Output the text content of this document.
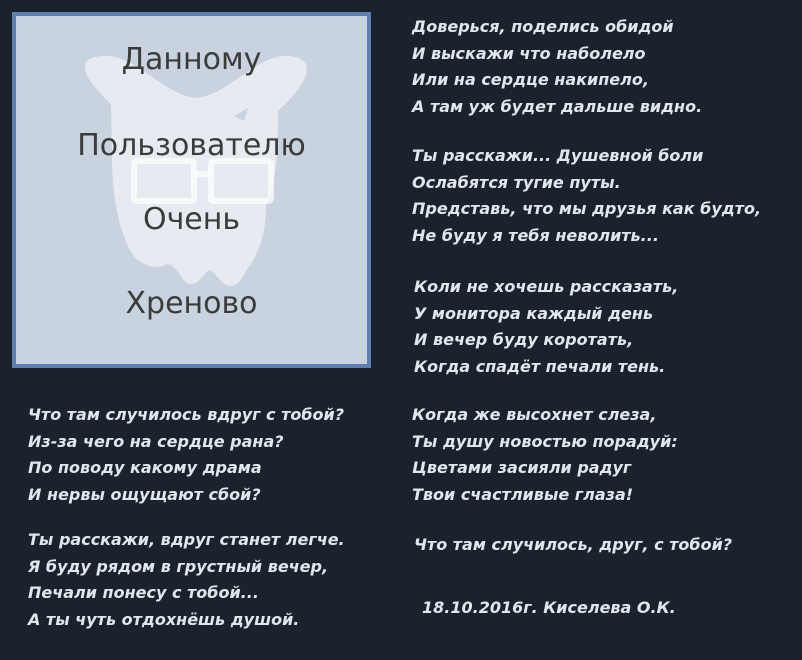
Данному
Пользователю
Очень
Хреново
Доверься, поделись обидой
И выскажи что наболело
Или на сердце накипело,
А там уж будет дальше видно.
Ты расскажи... Душевной боли
Ослабятся тугие путы.
Представь, что мы друзья как будто,
Не буду я тебя неволить...
Коли не хочешь рассказать,
У монитора каждый день
И вечер буду коротать,
Когда спадёт печали тень.
Когда же высохнет слеза,
Ты душу новостью порадуй:
Цветами засияли радуг
Твои счастливые глаза!
Что там случилось вдруг с тобой?
Из-за чего на сердце рана?
По поводу какому драма
И нервы ощущают сбой?
Ты расскажи, вдруг станет легче.
Я буду рядом в грустный вечер,
Печали понесу с тобой...
А ты чуть отдохнёшь душой.
Что там случилось, друг, с тобой?
18.10.2016г. Киселева О.К.
